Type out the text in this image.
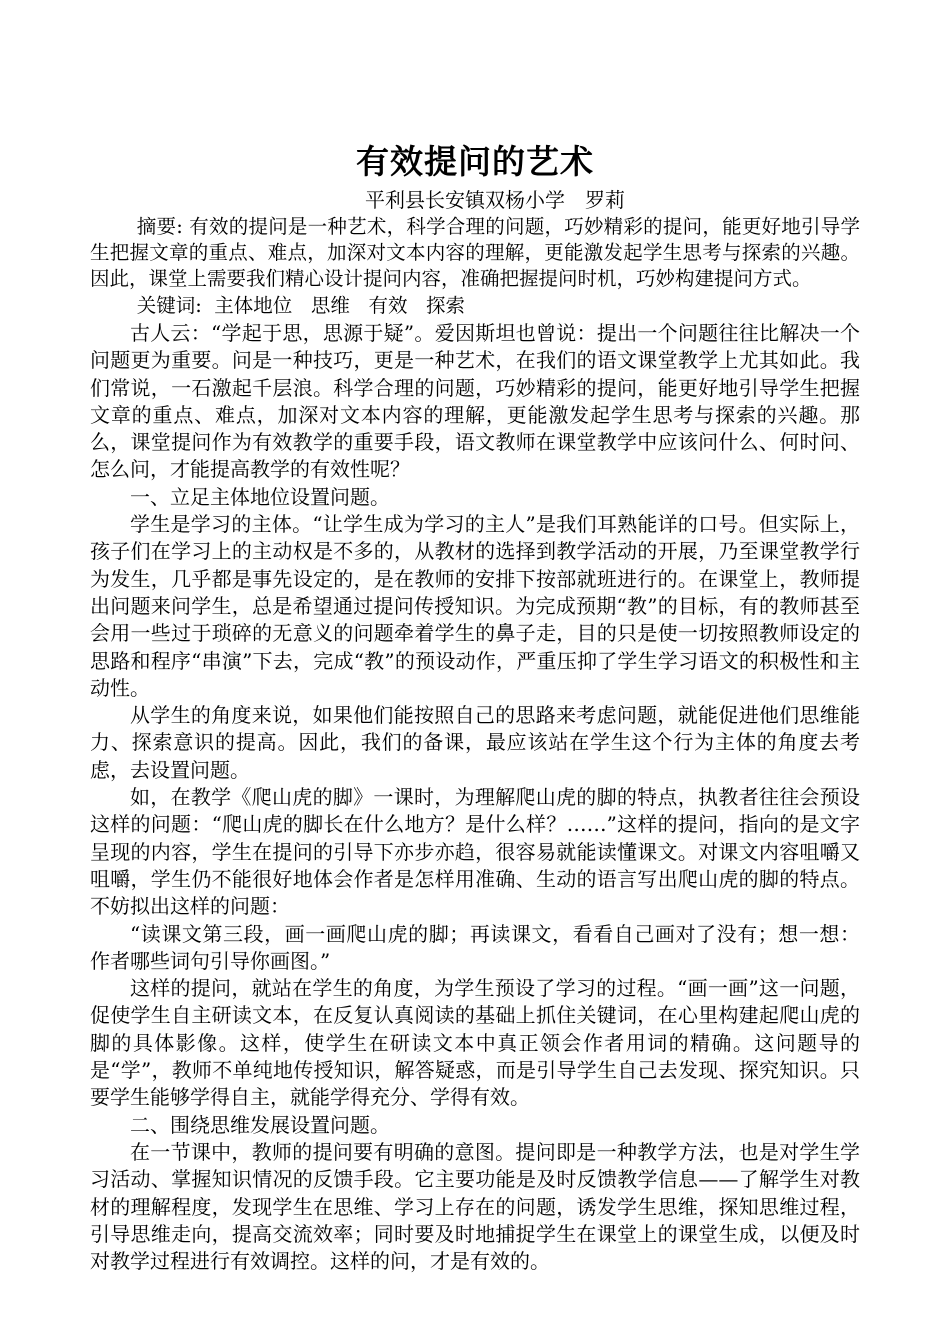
有效提问的艺术

平利县长安镇双杨小学　罗莉

摘要: 有效的提问是一种艺术，科学合理的问题，巧妙精彩的提问，能更好地引导学生把握文章的重点、难点，加深对文本内容的理解，更能激发起学生思考与探索的兴趣。因此，课堂上需要我们精心设计提问内容，准确把握提问时机，巧妙构建提问方式。

关键词:  主体地位   思维   有效   探索

古人云：“学起于思，思源于疑”。爱因斯坦也曾说：提出一个问题往往比解决一个问题更为重要。问是一种技巧，更是一种艺术，在我们的语文课堂教学上尤其如此。我们常说，一石激起千层浪。科学合理的问题，巧妙精彩的提问，能更好地引导学生把握文章的重点、难点，加深对文本内容的理解，更能激发起学生思考与探索的兴趣。那么，课堂提问作为有效教学的重要手段，语文教师在课堂教学中应该问什么、何时问、怎么问，才能提高教学的有效性呢？

一、立足主体地位设置问题。

学生是学习的主体。“让学生成为学习的主人”是我们耳熟能详的口号。但实际上，孩子们在学习上的主动权是不多的，从教材的选择到教学活动的开展，乃至课堂教学行为发生，几乎都是事先设定的，是在教师的安排下按部就班进行的。在课堂上，教师提出问题来问学生，总是希望通过提问传授知识。为完成预期“教”的目标，有的教师甚至会用一些过于琐碎的无意义的问题牵着学生的鼻子走，目的只是使一切按照教师设定的思路和程序“串演”下去，完成“教”的预设动作，严重压抑了学生学习语文的积极性和主动性。

从学生的角度来说，如果他们能按照自己的思路来考虑问题，就能促进他们思维能力、探索意识的提高。因此，我们的备课，最应该站在学生这个行为主体的角度去考虑，去设置问题。

如，在教学《爬山虎的脚》一课时，为理解爬山虎的脚的特点，执教者往往会预设这样的问题：“爬山虎的脚长在什么地方？是什么样？……”这样的提问，指向的是文字呈现的内容，学生在提问的引导下亦步亦趋，很容易就能读懂课文。对课文内容咀嚼又咀嚼，学生仍不能很好地体会作者是怎样用准确、生动的语言写出爬山虎的脚的特点。不妨拟出这样的问题：

“读课文第三段，画一画爬山虎的脚；再读课文，看看自己画对了没有；想一想：作者哪些词句引导你画图。”

这样的提问，就站在学生的角度，为学生预设了学习的过程。“画一画”这一问题，促使学生自主研读文本，在反复认真阅读的基础上抓住关键词，在心里构建起爬山虎的脚的具体影像。这样，使学生在研读文本中真正领会作者用词的精确。这问题导的是“学”，教师不单纯地传授知识，解答疑惑，而是引导学生自己去发现、探究知识。只要学生能够学得自主，就能学得充分、学得有效。

二、围绕思维发展设置问题。

在一节课中，教师的提问要有明确的意图。提问即是一种教学方法，也是对学生学习活动、掌握知识情况的反馈手段。它主要功能是及时反馈教学信息——了解学生对教材的理解程度，发现学生在思维、学习上存在的问题，诱发学生思维，探知思维过程，引导思维走向，提高交流效率；同时要及时地捕捉学生在课堂上的课堂生成，以便及时对教学过程进行有效调控。这样的问，才是有效的。
